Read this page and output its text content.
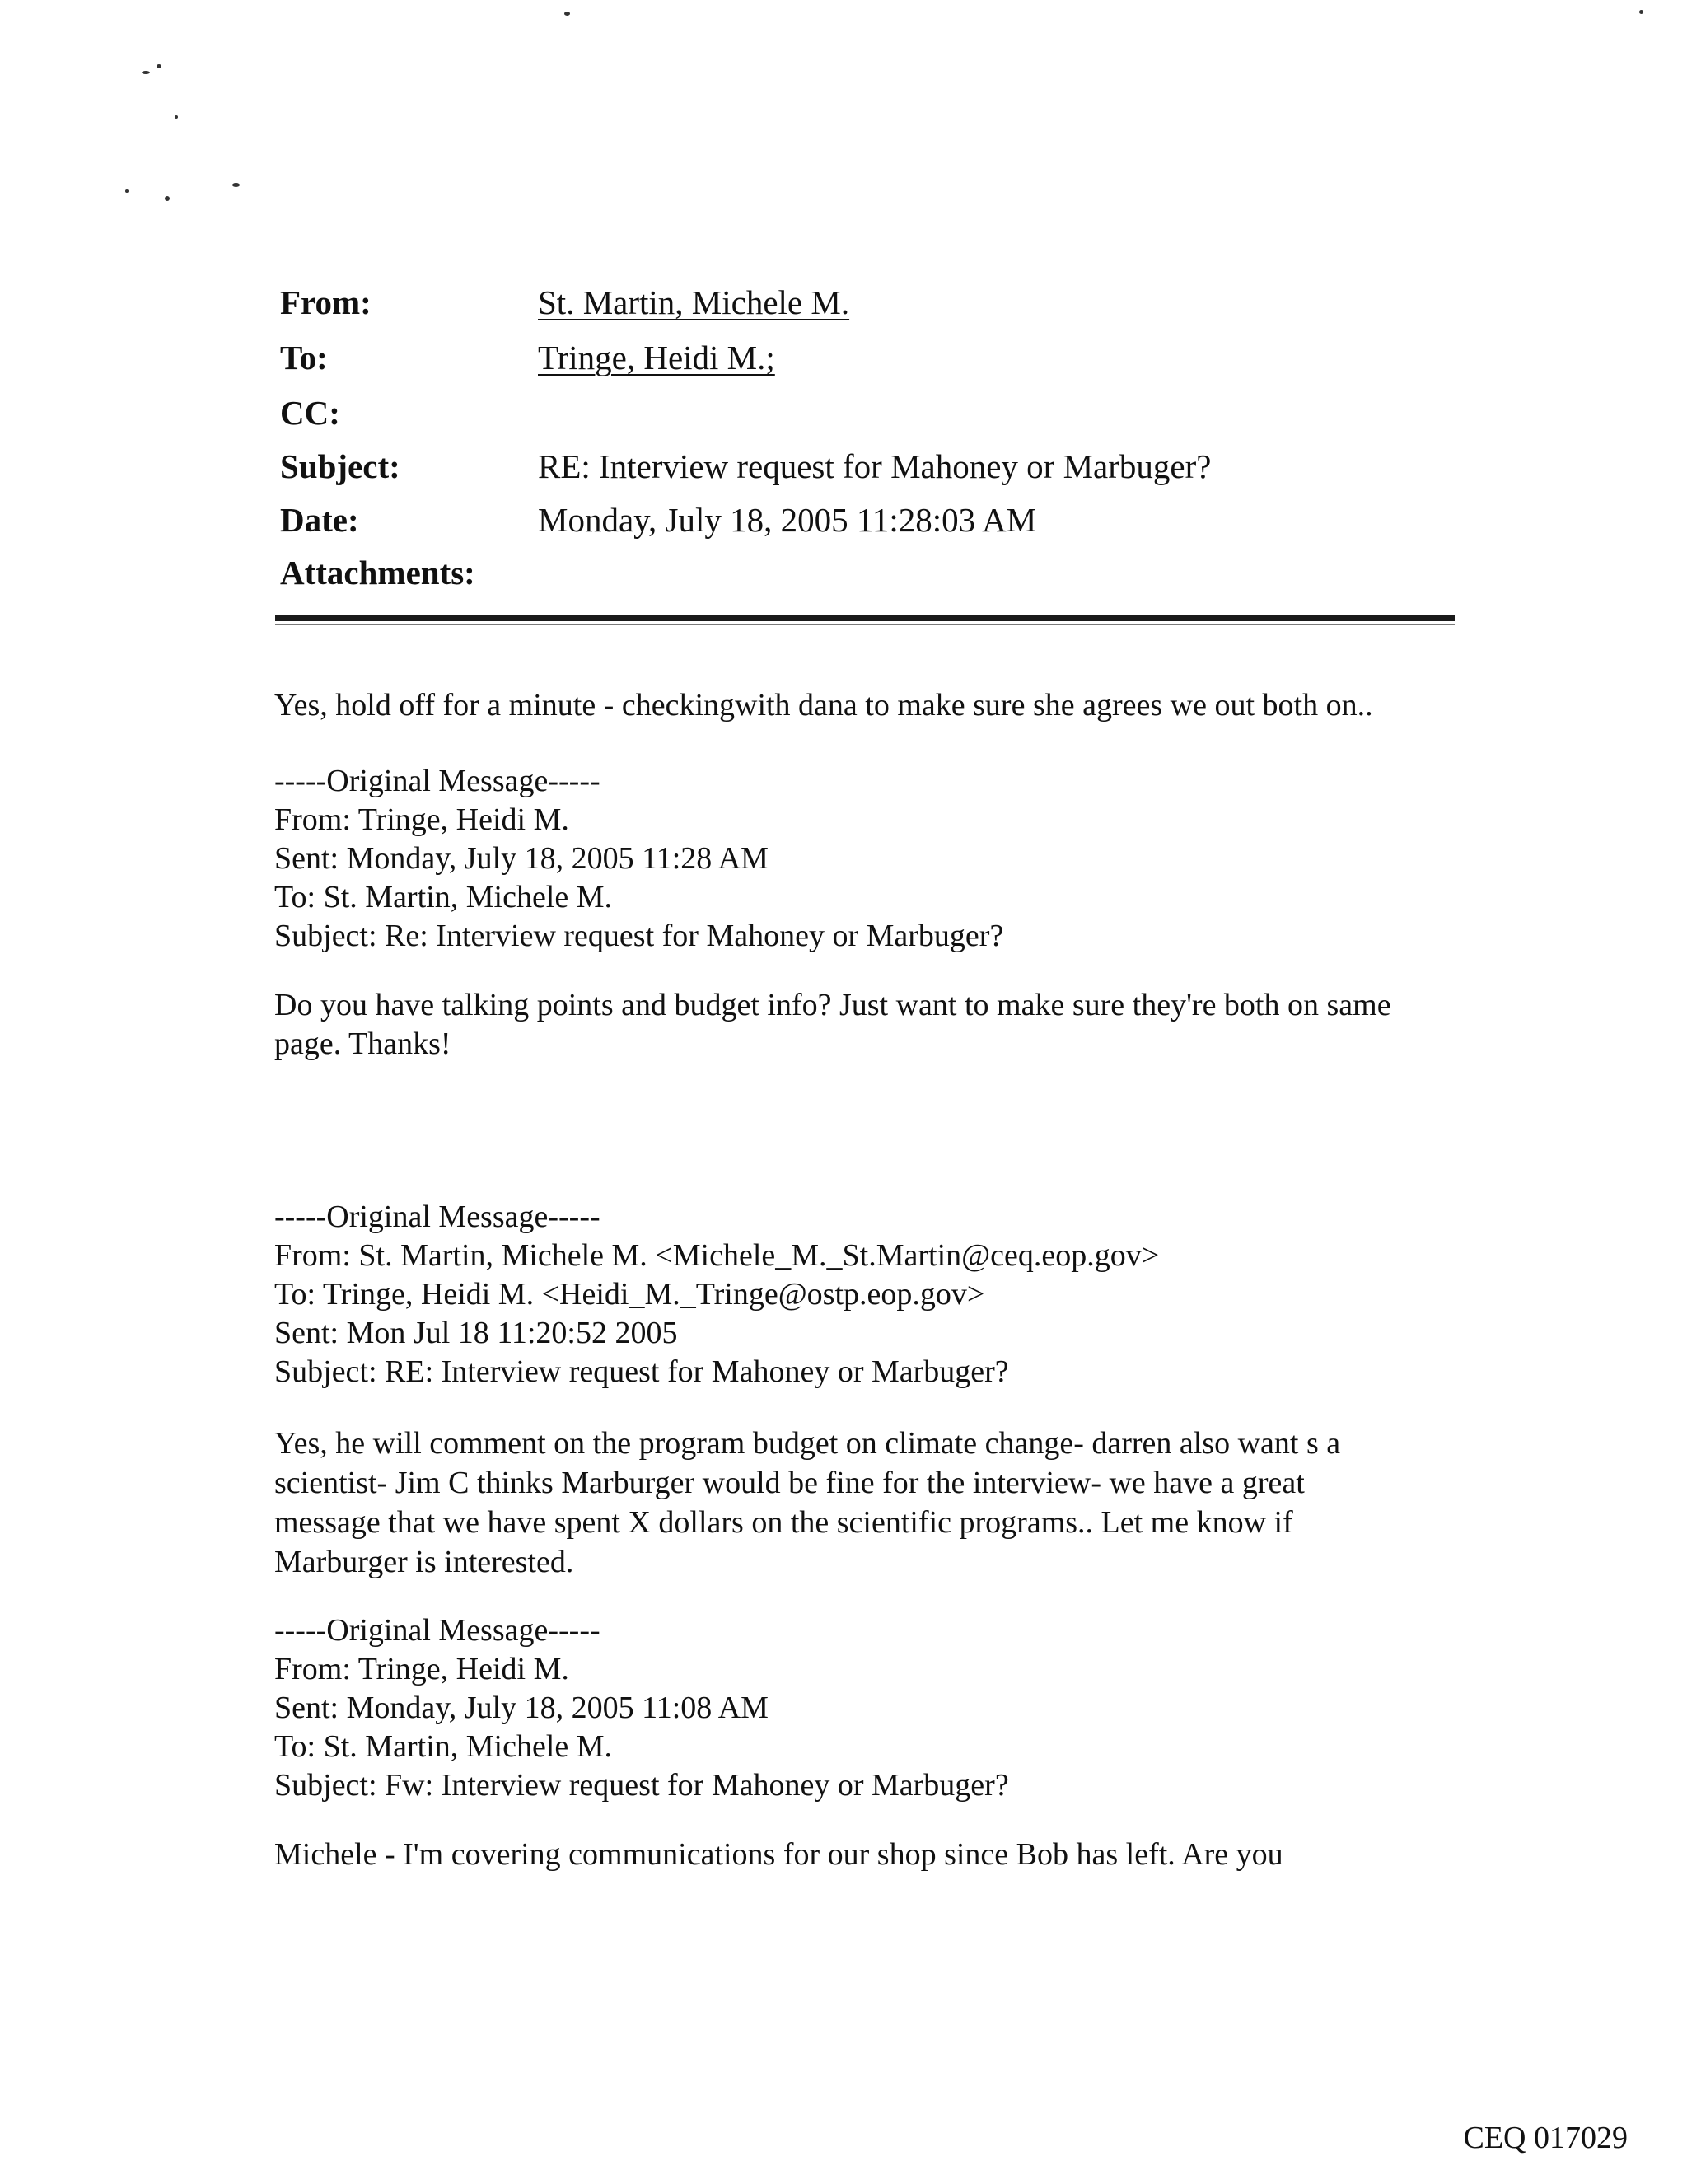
From:	St. Martin, Michele M.
To:	Tringe, Heidi M.;
CC:
Subject:	RE: Interview request for Mahoney or Marbuger?
Date:	Monday, July 18, 2005 11:28:03 AM
Attachments:
Yes, hold off for a minute - checkingwith dana to make sure she agrees we out both on..
-----Original Message-----
From: Tringe, Heidi M.
Sent: Monday, July 18, 2005 11:28 AM
To: St. Martin, Michele M.
Subject: Re: Interview request for Mahoney or Marbuger?
Do you have talking points and budget info? Just want to make sure they're both on same
page. Thanks!
-----Original Message-----
From: St. Martin, Michele M. <Michele_M._St.Martin@ceq.eop.gov>
To: Tringe, Heidi M. <Heidi_M._Tringe@ostp.eop.gov>
Sent: Mon Jul 18 11:20:52 2005
Subject: RE: Interview request for Mahoney or Marbuger?
Yes, he will comment on the program budget on climate change- darren also want s a
scientist- Jim C thinks Marburger would be fine for the interview- we have a great
message that we have spent X dollars on the scientific programs.. Let me know if
Marburger is interested.
-----Original Message-----
From: Tringe, Heidi M.
Sent: Monday, July 18, 2005 11:08 AM
To: St. Martin, Michele M.
Subject: Fw: Interview request for Mahoney or Marbuger?
Michele - I'm covering communications for our shop since Bob has left. Are you
CEQ 017029
